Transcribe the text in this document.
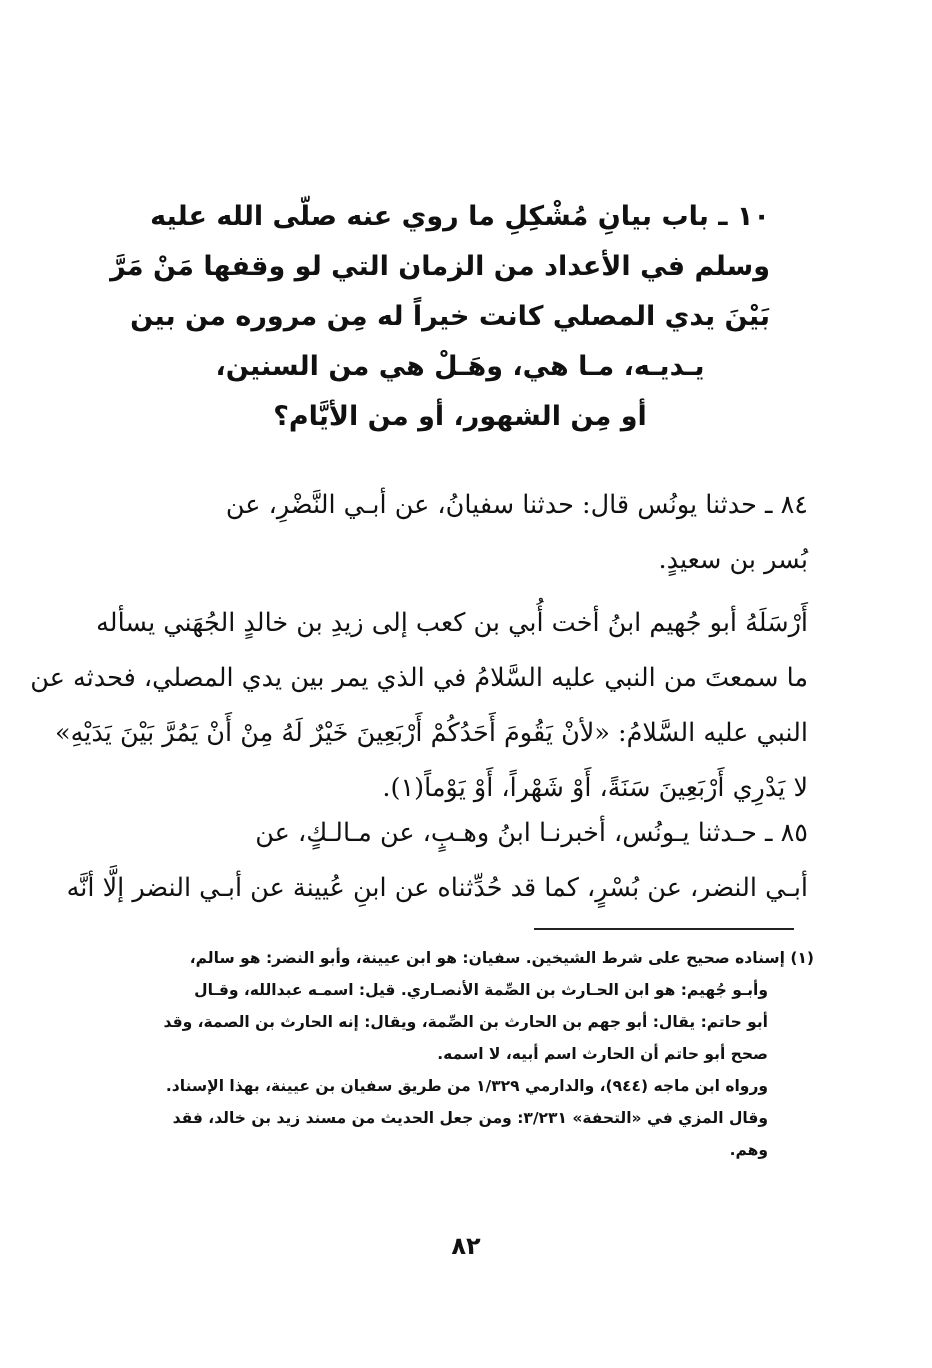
١٠ ـ باب بيانِ مُشْكِلِ ما روي عنه صلّى الله عليه
وسلم في الأعداد من الزمان التي لو وقفها مَنْ مَرَّ
بَيْنَ يدي المصلي كانت خيراً له مِن مروره من بين
يـديـه، مـا هي، وهَـلْ هي من السنين،
أو مِن الشهور، أو من الأيَّام؟
٨٤ ـ حدثنا يونُس قال: حدثنا سفيانُ، عن أبـي النَّضْرِ، عن
بُسر بن سعيدٍ.
أَرْسَلَهُ أبو جُهيم ابنُ أخت أُبي بن كعب إلى زيدِ بن خالدٍ الجُهَني يسأله
ما سمعتَ من النبي عليه السَّلامُ في الذي يمر بين يدي المصلي، فحدثه عن
النبي عليه السَّلامُ: «لأنْ يَقُومَ أَحَدُكُمْ أَرْبَعِينَ خَيْرٌ لَهُ مِنْ أَنْ يَمُرَّ بَيْنَ يَدَيْهِ»
لا يَدْرِي أَرْبَعِينَ سَنَةً، أَوْ شَهْراً، أَوْ يَوْماً(١).
٨٥ ـ حـدثنا يـونُس، أخبرنـا ابنُ وهـبٍ، عن مـالـكٍ، عن
أبـي النضر، عن بُسْرٍ، كما قد حُدِّثناه عن ابنِ عُيينة عن أبـي النضر إلَّا أنَّه
(١) إسناده صحيح على شرط الشيخين. سفيان: هو ابن عيينة، وأبو النضر: هو سالم،
وأبـو جُهيم: هو ابن الحـارث بن الصِّمة الأنصـاري. قيل: اسمـه عبدالله، وقـال
أبو حاتم: يقال: أبو جهم بن الحارث بن الصِّمة، ويقال: إنه الحارث بن الصمة، وقد
صحح أبو حاتم أن الحارث اسم أبيه، لا اسمه.
ورواه ابن ماجه (٩٤٤)، والدارمي ١/٣٢٩ من طريق سفيان بن عيينة، بهذا الإسناد.
وقال المزي في «التحفة» ٣/٢٣١: ومن جعل الحديث من مسند زيد بن خالد، فقد
وهم.
٨٢
